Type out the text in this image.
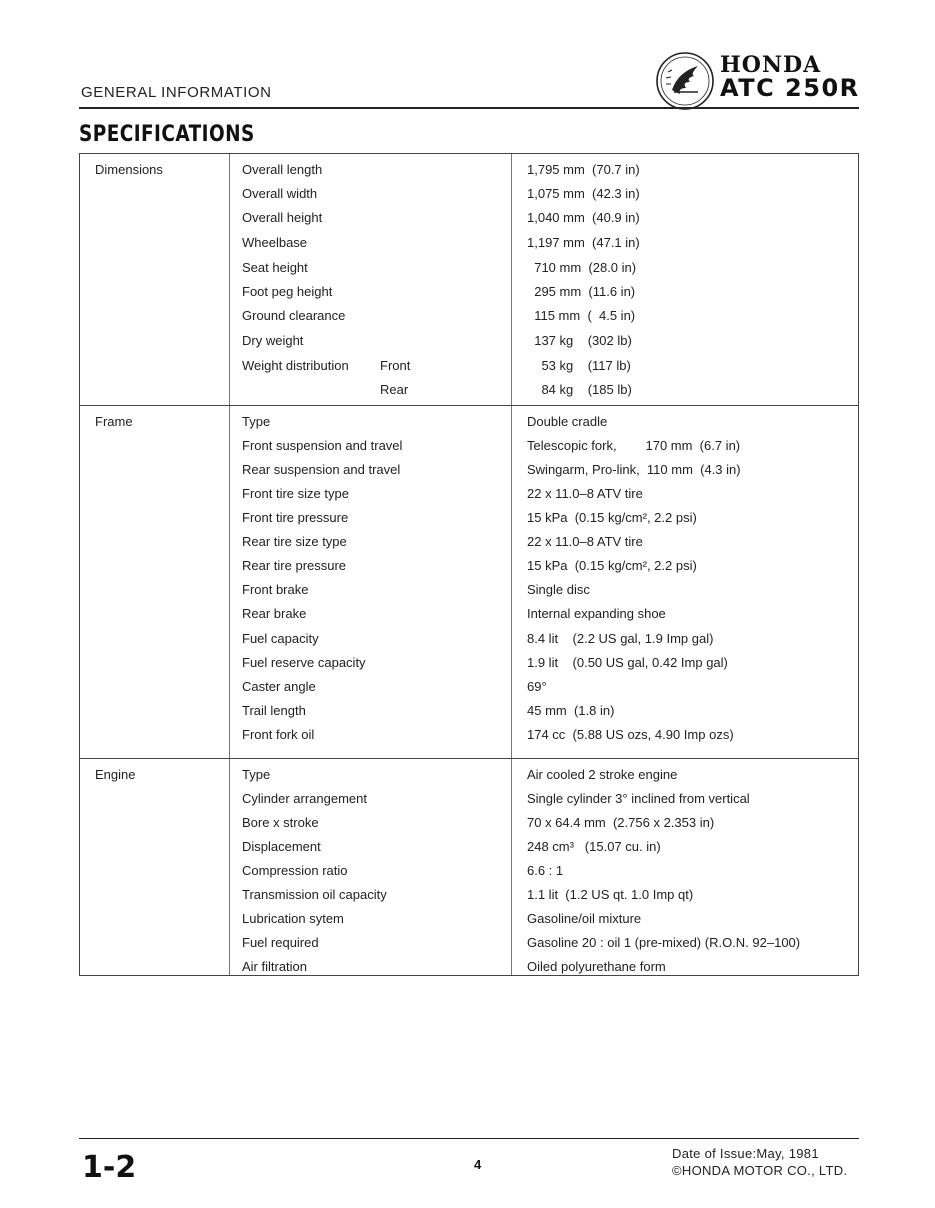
GENERAL INFORMATION
HONDA
ATC 250R
SPECIFICATIONS
Dimensions	Overall length	1,795 mm  (70.7 in)
Overall width	1,075 mm  (42.3 in)
Overall height	1,040 mm  (40.9 in)
Wheelbase	1,197 mm  (47.1 in)
Seat height	710 mm  (28.0 in)
Foot peg height	295 mm  (11.6 in)
Ground clearance	115 mm  (  4.5 in)
Dry weight	137 kg    (302 lb)
Weight distribution Front	53 kg    (117 lb)
Rear	84 kg    (185 lb)
Frame	Type	Double cradle
Front suspension and travel	Telescopic fork,        170 mm  (6.7 in)
Rear suspension and travel	Swingarm, Pro-link,  110 mm  (4.3 in)
Front tire size type	22 x 11.0–8 ATV tire
Front tire pressure	15 kPa  (0.15 kg/cm², 2.2 psi)
Rear tire size type	22 x 11.0–8 ATV tire
Rear tire pressure	15 kPa  (0.15 kg/cm², 2.2 psi)
Front brake	Single disc
Rear brake	Internal expanding shoe
Fuel capacity	8.4 lit    (2.2 US gal, 1.9 Imp gal)
Fuel reserve capacity	1.9 lit    (0.50 US gal, 0.42 Imp gal)
Caster angle	69°
Trail length	45 mm  (1.8 in)
Front fork oil	174 cc  (5.88 US ozs, 4.90 Imp ozs)
Engine	Type	Air cooled 2 stroke engine
Cylinder arrangement	Single cylinder 3° inclined from vertical
Bore x stroke	70 x 64.4 mm  (2.756 x 2.353 in)
Displacement	248 cm³   (15.07 cu. in)
Compression ratio	6.6 : 1
Transmission oil capacity	1.1 lit  (1.2 US qt. 1.0 Imp qt)
Lubrication sytem	Gasoline/oil mixture
Fuel required	Gasoline 20 : oil 1 (pre-mixed) (R.O.N. 92–100)
Air filtration	Oiled polyurethane form
1-2	4
Date of Issue:May, 1981
©HONDA MOTOR CO., LTD.
